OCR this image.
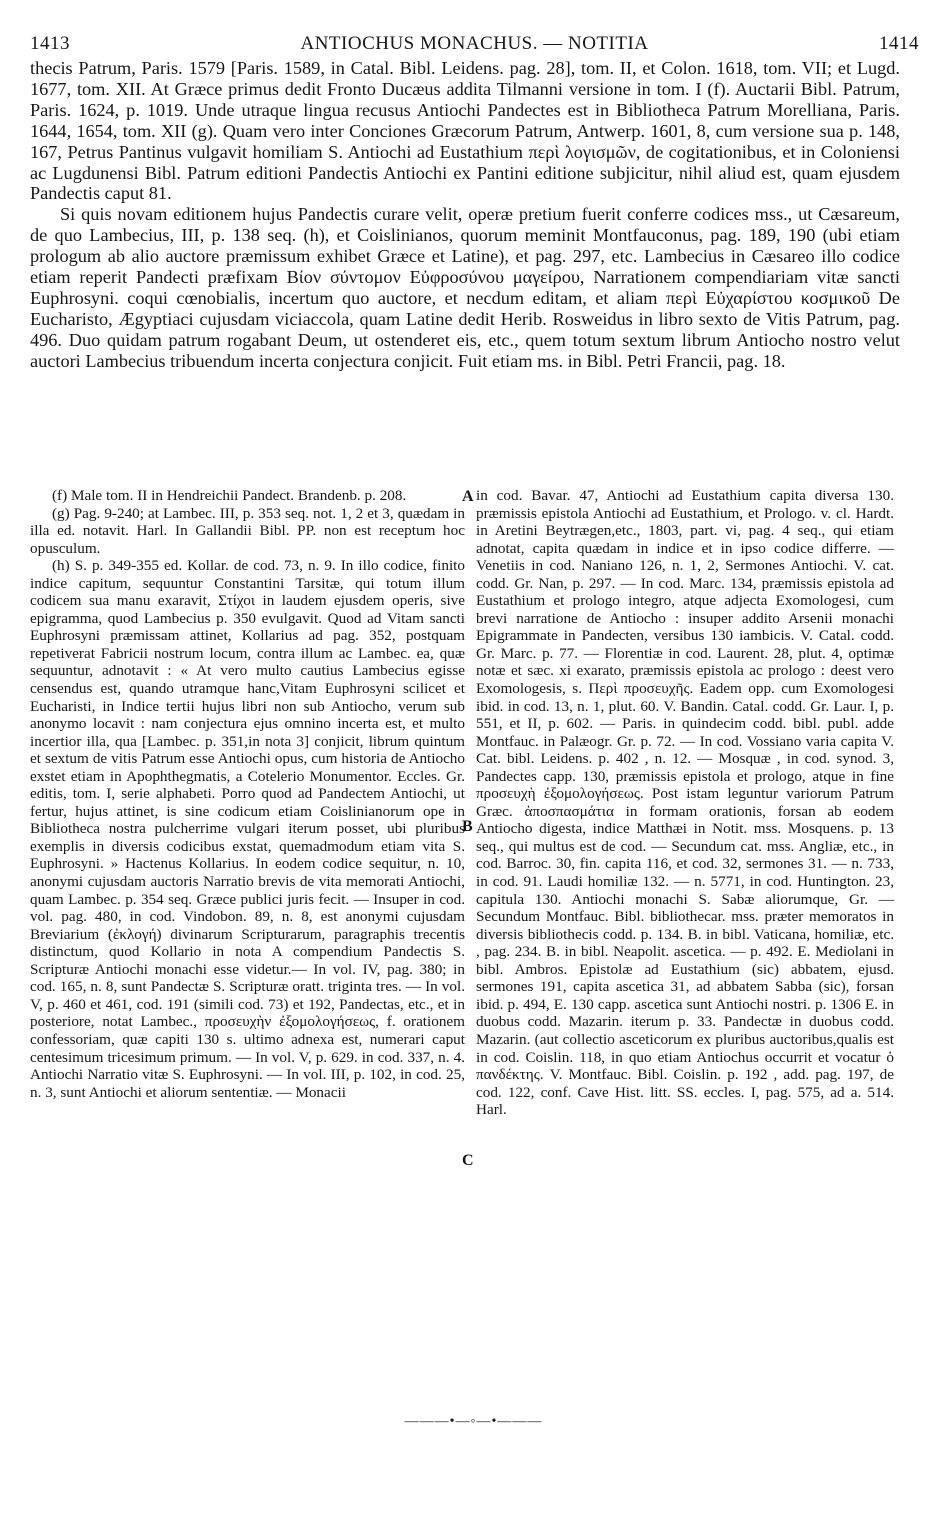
1413	ANTIOCHUS MONACHUS. — NOTITIA	1414

thecis Patrum, Paris. 1579 [Paris. 1589, in Catal. Bibl. Leidens. pag. 28], tom. II, et Colon. 1618, tom. VII; et Lugd. 1677, tom. XII. At Græce primus dedit Fronto Ducæus addita Tilmanni versione in tom. I (f). Auctarii Bibl. Patrum, Paris. 1624, p. 1019. Unde utraque lingua recusus Antiochi Pandectes est in Bibliotheca Patrum Morelliana, Paris. 1644, 1654, tom. XII (g). Quam vero inter Conciones Græcorum Patrum, Antwerp. 1601, 8, cum versione sua p. 148, 167, Petrus Pantinus vulgavit homiliam S. Antiochi ad Eustathium περὶ λογισμῶν, de cogitationibus, et in Coloniensi ac Lugdunensi Bibl. Patrum editioni Pandectis Antiochi ex Pantini editione subjicitur, nihil aliud est, quam ejusdem Pandectis caput 81.

Si quis novam editionem hujus Pandectis curare velit, operæ pretium fuerit conferre codices mss., ut Cæsareum, de quo Lambecius, III, p. 138 seq. (h), et Coislinianos, quorum meminit Montfauconus, pag. 189, 190 (ubi etiam prologum ab alio auctore præmissum exhibet Græce et Latine), et pag. 297, etc. Lambecius in Cæsareo illo codice etiam reperit Pandecti præfixam Βίον σύντομον Εὐφροσύνου μαγείρου, Narrationem compendiariam vitæ sancti Euphrosyni. coqui cœnobialis, incertum quo auctore, et necdum editam, et aliam περὶ Εὐχαρίστου κοσμικοῦ De Eucharisto, Ægyptiaci cujusdam viciaccola, quam Latine dedit Herib. Rosweidus in libro sexto de Vitis Patrum, pag. 496. Duo quidam patrum rogabant Deum, ut ostenderet eis, etc., quem totum sextum librum Antiocho nostro velut auctori Lambecius tribuendum incerta conjectura conjicit. Fuit etiam ms. in Bibl. Petri Francii, pag. 18.

(f) Male tom. II in Hendreichii Pandect. Brandenb. p. 208.

(g) Pag. 9-240; at Lambec. III, p. 353 seq. not. 1, 2 et 3, quædam in illa ed. notavit. Harl. In Gallandii Bibl. PP. non est receptum hoc opusculum.

(h) S. p. 349-355 ed. Kollar. de cod. 73, n. 9. In illo codice, finito indice capitum, sequuntur Constantini Tarsitæ, qui totum illum codicem sua manu exaravit, Στίχοι in laudem ejusdem operis, sive epigramma, quod Lambecius p. 350 evulgavit. Quod ad Vitam sancti Euphrosyni præmissam attinet, Kollarius ad pag. 352, postquam repetiverat Fabricii nostrum locum, contra illum ac Lambec. ea, quæ sequuntur, adnotavit : « At vero multo cautius Lambecius egisse censendus est, quando utramque hanc,Vitam Euphrosyni scilicet et Eucharisti, in Indice tertii hujus libri non sub Antiocho, verum sub anonymo locavit : nam conjectura ejus omnino incerta est, et multo incertior illa, qua [Lambec. p. 351,in nota 3] conjicit, librum quintum et sextum de vitis Patrum esse Antiochi opus, cum historia de Antiocho exstet etiam in Apophthegmatis, a Cotelerio Monumentor. Eccles. Gr. editis, tom. I, serie alphabeti. Porro quod ad Pandectem Antiochi, ut fertur, hujus attinet, is sine codicum etiam Coislinianorum ope in Bibliotheca nostra pulcherrime vulgari iterum posset, ubi pluribus exemplis in diversis codicibus exstat, quemadmodum etiam vita S. Euphrosyni. » Hactenus Kollarius. In eodem codice sequitur, n. 10, anonymi cujusdam auctoris Narratio brevis de vita memorati Antiochi, quam Lambec. p. 354 seq. Græce publici juris fecit. — Insuper in cod. vol. pag. 480, in cod. Vindobon. 89, n. 8, est anonymi cujusdam Breviarium (ἐκλογή) divinarum Scripturarum, paragraphis trecentis distinctum, quod Kollario in nota A compendium Pandectis S. Scripturæ Antiochi monachi esse videtur.— In vol. IV, pag. 380; in cod. 165, n. 8, sunt Pandectæ S. Scripturæ oratt. triginta tres. — In vol. V, p. 460 et 461, cod. 191 (simili cod. 73) et 192, Pandectas, etc., et in posteriore, notat Lambec., προσευχὴν ἐξομολογήσεως, f. orationem confessoriam, quæ capiti 130 s. ultimo adnexa est, numerari caput centesimum tricesimum primum. — In vol. V, p. 629. in cod. 337, n. 4. Antiochi Narratio vitæ S. Euphrosyni. — In vol. III, p. 102, in cod. 25, n. 3, sunt Antiochi et aliorum sententiæ. — Monacii

A
B
C

in cod. Bavar. 47, Antiochi ad Eustathium capita diversa 130. præmissis epistola Antiochi ad Eustathium, et Prologo. v. cl. Hardt. in Aretini Beytrægen,etc., 1803, part. vi, pag. 4 seq., qui etiam adnotat, capita quædam in indice et in ipso codice differre. — Venetiis in cod. Naniano 126, n. 1, 2, Sermones Antiochi. V. cat. codd. Gr. Nan, p. 297. — In cod. Marc. 134, præmissis epistola ad Eustathium et prologo integro, atque adjecta Exomologesi, cum brevi narratione de Antiocho : insuper addito Arsenii monachi Epigrammate in Pandecten, versibus 130 iambicis. V. Catal. codd. Gr. Marc. p. 77. — Florentiæ in cod. Laurent. 28, plut. 4, optimæ notæ et sæc. xi exarato, præmissis epistola ac prologo : deest vero Exomologesis, s. Περὶ προσευχῆς. Eadem opp. cum Exomologesi ibid. in cod. 13, n. 1, plut. 60. V. Bandin. Catal. codd. Gr. Laur. I, p. 551, et II, p. 602. — Paris. in quindecim codd. bibl. publ. adde Montfauc. in Palæogr. Gr. p. 72. — In cod. Vossiano varia capita V. Cat. bibl. Leidens. p. 402 , n. 12. — Mosquæ , in cod. synod. 3, Pandectes capp. 130, præmissis epistola et prologo, atque in fine προσευχὴ ἐξομολογήσεως. Post istam leguntur variorum Patrum Græc. ἀποσπασμάτια in formam orationis, forsan ab eodem Antiocho digesta, indice Matthæi in Notit. mss. Mosquens. p. 13 seq., qui multus est de cod. — Secundum cat. mss. Angliæ, etc., in cod. Barroc. 30, fin. capita 116, et cod. 32, sermones 31. — n. 733, in cod. 91. Laudi homiliæ 132. — n. 5771, in cod. Huntington. 23, capitula 130. Antiochi monachi S. Sabæ aliorumque, Gr. — Secundum Montfauc. Bibl. bibliothecar. mss. præter memoratos in diversis bibliothecis codd. p. 134. B. in bibl. Vaticana, homiliæ, etc. , pag. 234. B. in bibl. Neapolit. ascetica. — p. 492. E. Mediolani in bibl. Ambros. Epistolæ ad Eustathium (sic) abbatem, ejusd. sermones 191, capita ascetica 31, ad abbatem Sabba (sic), forsan ibid. p. 494, E. 130 capp. ascetica sunt Antiochi nostri. p. 1306 E. in duobus codd. Mazarin. iterum p. 33. Pandectæ in duobus codd. Mazarin. (aut collectio asceticorum ex pluribus auctoribus,qualis est in cod. Coislin. 118, in quo etiam Antiochus occurrit et vocatur ὁ πανδέκτης. V. Montfauc. Bibl. Coislin. p. 192 , add. pag. 197, de cod. 122, conf. Cave Hist. litt. SS. eccles. I, pag. 575, ad a. 514. Harl.

———•—◦—•———
